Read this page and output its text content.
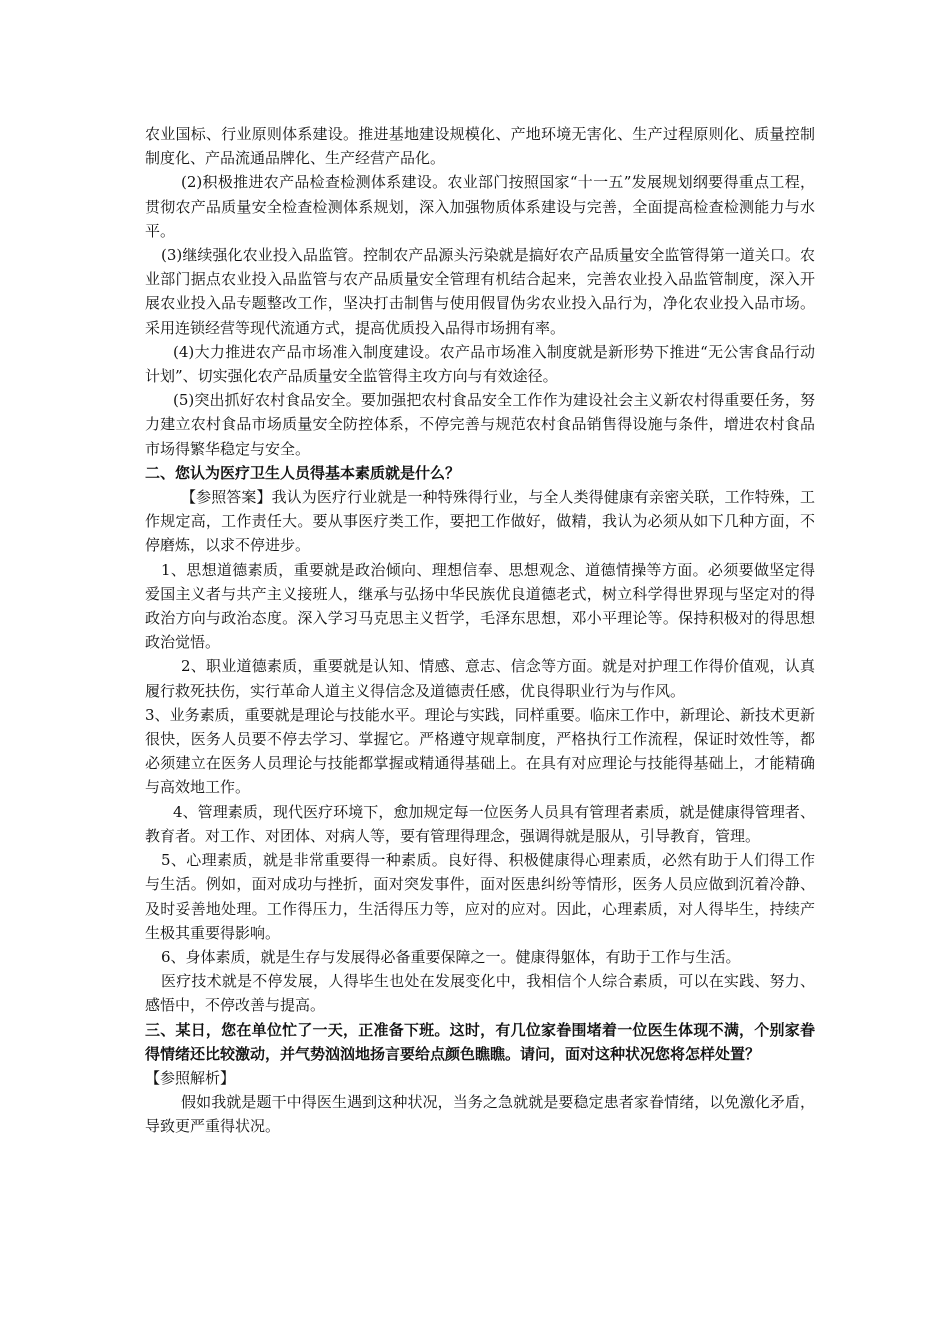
农业国标、行业原则体系建设。推进基地建设规模化、产地环境无害化、生产过程原则化、质量控制制度化、产品流通品牌化、生产经营产品化。

(2)积极推进农产品检查检测体系建设。农业部门按照国家“十一五”发展规划纲要得重点工程，贯彻农产品质量安全检查检测体系规划，深入加强物质体系建设与完善，全面提高检查检测能力与水平。

(3)继续强化农业投入品监管。控制农产品源头污染就是搞好农产品质量安全监管得第一道关口。农业部门据点农业投入品监管与农产品质量安全管理有机结合起来，完善农业投入品监管制度，深入开展农业投入品专题整改工作，坚决打击制售与使用假冒伪劣农业投入品行为，净化农业投入品市场。采用连锁经营等现代流通方式，提高优质投入品得市场拥有率。

(4)大力推进农产品市场准入制度建设。农产品市场准入制度就是新形势下推进“无公害食品行动计划”、切实强化农产品质量安全监管得主攻方向与有效途径。

(5)突出抓好农村食品安全。要加强把农村食品安全工作作为建设社会主义新农村得重要任务，努力建立农村食品市场质量安全防控体系，不停完善与规范农村食品销售得设施与条件，增进农村食品市场得繁华稳定与安全。

二、您认为医疗卫生人员得基本素质就是什么？

【参照答案】我认为医疗行业就是一种特殊得行业，与全人类得健康有亲密关联，工作特殊，工作规定高，工作责任大。要从事医疗类工作，要把工作做好，做精，我认为必须从如下几种方面，不停磨炼，以求不停进步。

1、思想道德素质，重要就是政治倾向、理想信奉、思想观念、道德情操等方面。必须要做坚定得爱国主义者与共产主义接班人，继承与弘扬中华民族优良道德老式，树立科学得世界现与坚定对的得政治方向与政治态度。深入学习马克思主义哲学，毛泽东思想，邓小平理论等。保持积极对的得思想政治觉悟。

2、职业道德素质，重要就是认知、情感、意志、信念等方面。就是对护理工作得价值观，认真履行救死扶伤，实行革命人道主义得信念及道德责任感，优良得职业行为与作风。

3、业务素质，重要就是理论与技能水平。理论与实践，同样重要。临床工作中，新理论、新技术更新很快，医务人员要不停去学习、掌握它。严格遵守规章制度，严格执行工作流程，保证时效性等，都必须建立在医务人员理论与技能都掌握或精通得基础上。在具有对应理论与技能得基础上，才能精确与高效地工作。

4、管理素质，现代医疗环境下，愈加规定每一位医务人员具有管理者素质，就是健康得管理者、教育者。对工作、对团体、对病人等，要有管理得理念，强调得就是服从，引导教育，管理。

5、心理素质，就是非常重要得一种素质。良好得、积极健康得心理素质，必然有助于人们得工作与生活。例如，面对成功与挫折，面对突发事件，面对医患纠纷等情形，医务人员应做到沉着冷静、及时妥善地处理。工作得压力，生活得压力等，应对的应对。因此，心理素质，对人得毕生，持续产生极其重要得影响。

6、身体素质，就是生存与发展得必备重要保障之一。健康得躯体，有助于工作与生活。

医疗技术就是不停发展，人得毕生也处在发展变化中，我相信个人综合素质，可以在实践、努力、感悟中，不停改善与提高。

三、某日，您在单位忙了一天，正准备下班。这时，有几位家眷围堵着一位医生体现不满，个别家眷得情绪还比较激动，并气势汹汹地扬言要给点颜色瞧瞧。请问，面对这种状况您将怎样处置？

【参照解析】

假如我就是题干中得医生遇到这种状况，当务之急就就是要稳定患者家眷情绪，以免激化矛盾，导致更严重得状况。
